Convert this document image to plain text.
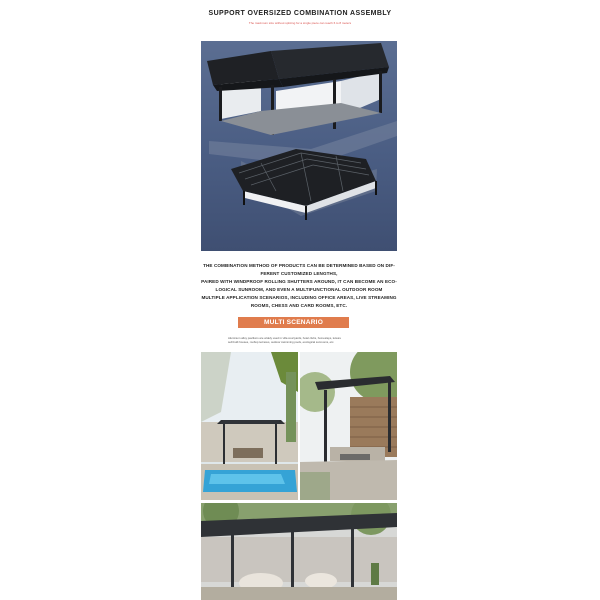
SUPPORT OVERSIZED COMBINATION ASSEMBLY
The maximum size without splicing for a single piece can reach 6 to 8 meters
THE COMBINATION METHOD OF PRODUCTS CAN BE DETERMINED BASED ON DIF-
FERENT CUSTOMIZED LENGTHS,
PAIRED WITH WINDPROOF ROLLING SHUTTERS AROUND, IT CAN BECOME AN ECO-
LOGICAL SUNROOM, AND EVEN A MULTIFUNCTIONAL OUTDOOR ROOM
MULTIPLE APPLICATION SCENARIOS, INCLUDING OFFICE AREAS, LIVE STREAMING
ROOMS, CHESS AND CARD ROOMS, ETC.
MULTI SCENARIO APPLICATIONS
Aluminum alloy pavilions are widely used in villa courtyards, hotel clubs, homestays, leisure
self-built houses, rooftop terraces, outdoor swimming pools, ecological sunrooms, etc.
